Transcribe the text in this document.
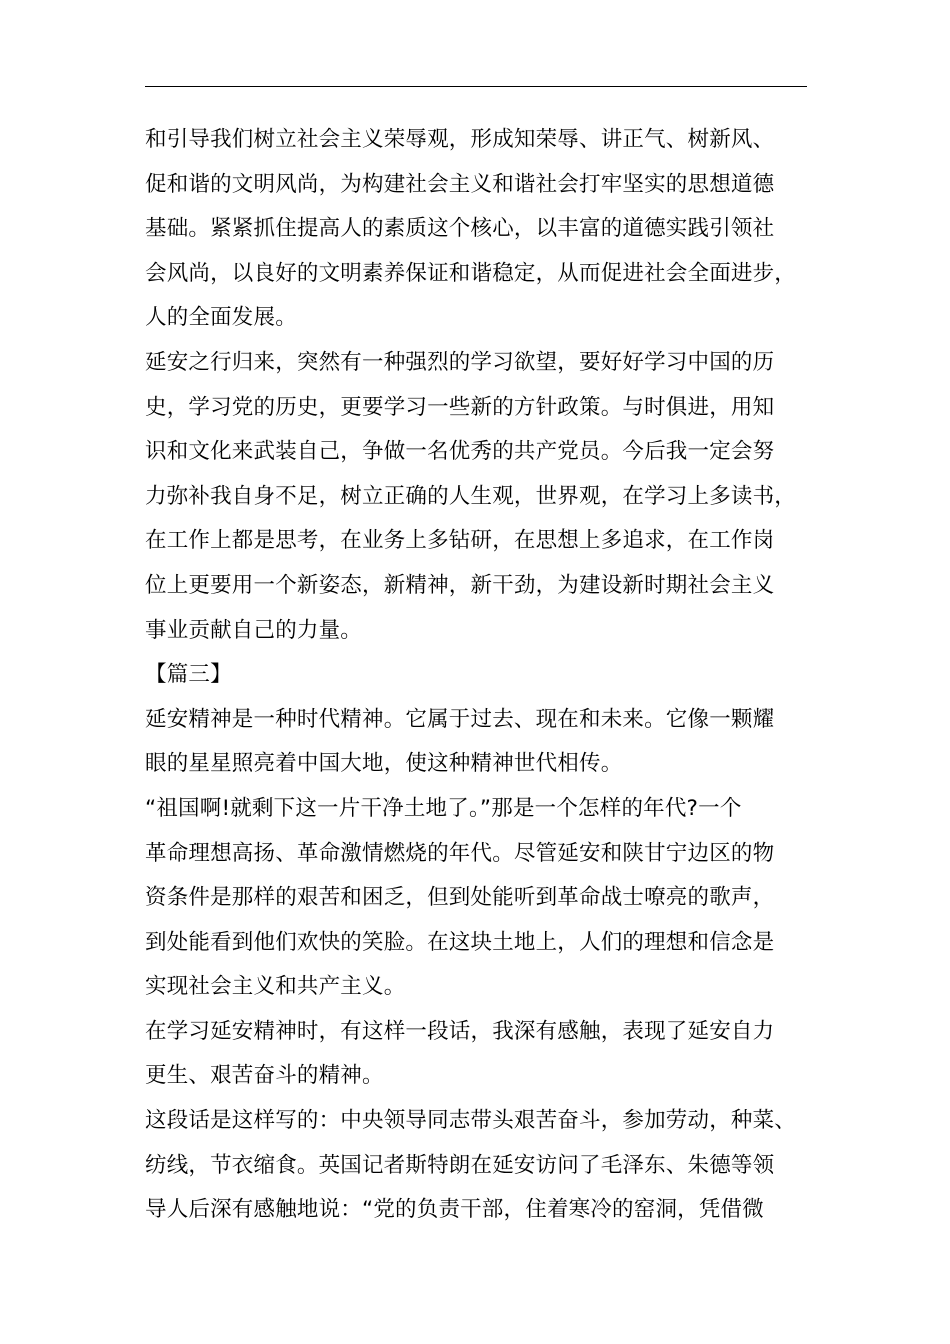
和引导我们树立社会主义荣辱观，形成知荣辱、讲正气、树新风、
促和谐的文明风尚，为构建社会主义和谐社会打牢坚实的思想道德
基础。紧紧抓住提高人的素质这个核心，以丰富的道德实践引领社
会风尚，以良好的文明素养保证和谐稳定，从而促进社会全面进步，
人的全面发展。
延安之行归来，突然有一种强烈的学习欲望，要好好学习中国的历
史，学习党的历史，更要学习一些新的方针政策。与时俱进，用知
识和文化来武装自己，争做一名优秀的共产党员。今后我一定会努
力弥补我自身不足，树立正确的人生观，世界观，在学习上多读书，
在工作上都是思考，在业务上多钻研，在思想上多追求，在工作岗
位上更要用一个新姿态，新精神，新干劲，为建设新时期社会主义
事业贡献自己的力量。
【篇三】
延安精神是一种时代精神。它属于过去、现在和未来。它像一颗耀
眼的星星照亮着中国大地，使这种精神世代相传。
“祖国啊!就剩下这一片干净土地了。”那是一个怎样的年代?一个
革命理想高扬、革命激情燃烧的年代。尽管延安和陕甘宁边区的物
资条件是那样的艰苦和困乏，但到处能听到革命战士嘹亮的歌声，
到处能看到他们欢快的笑脸。在这块土地上，人们的理想和信念是
实现社会主义和共产主义。
在学习延安精神时，有这样一段话，我深有感触，表现了延安自力
更生、艰苦奋斗的精神。
这段话是这样写的：中央领导同志带头艰苦奋斗，参加劳动，种菜、
纺线，节衣缩食。英国记者斯特朗在延安访问了毛泽东、朱德等领
导人后深有感触地说：“党的负责干部，住着寒冷的窑洞，凭借微
